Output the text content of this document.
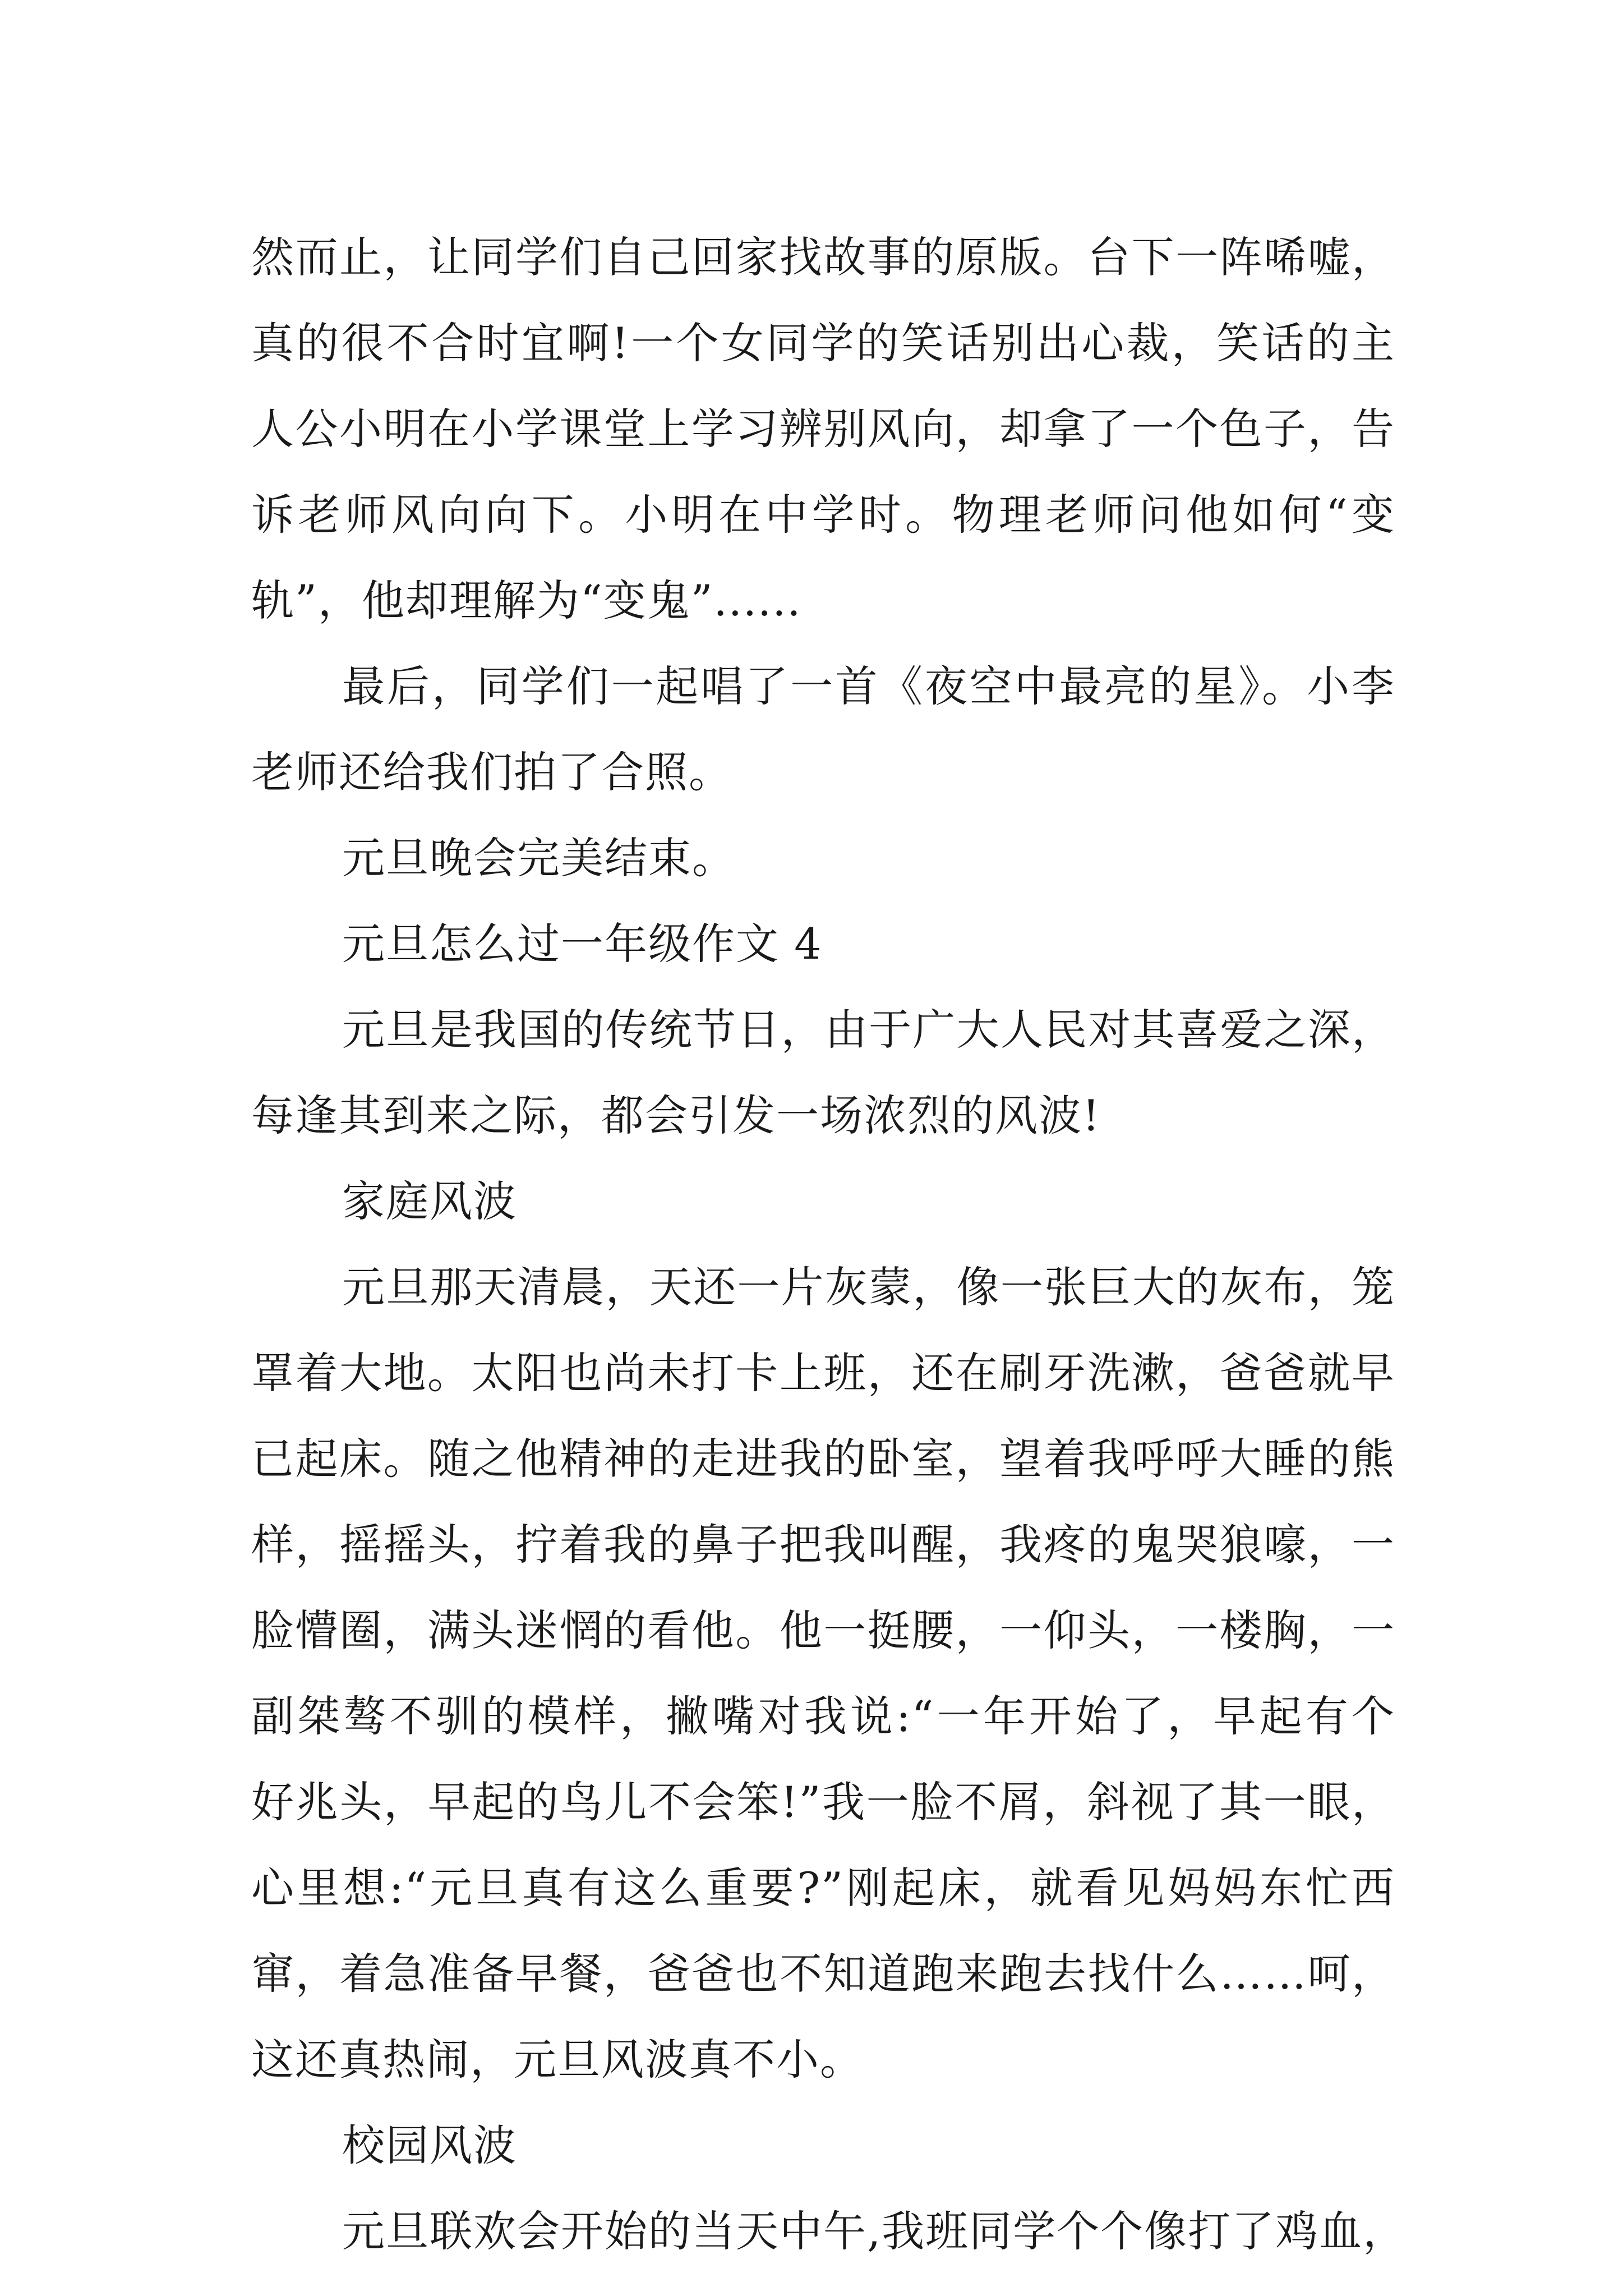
然而止，让同学们自己回家找故事的原版。台下一阵唏嘘，
真的很不合时宜啊!一个女同学的笑话别出心裁，笑话的主
人公小明在小学课堂上学习辨别风向，却拿了一个色子，告
诉老师风向向下。小明在中学时。物理老师问他如何“变
轨”，他却理解为“变鬼”......
最后，同学们一起唱了一首《夜空中最亮的星》。小李
老师还给我们拍了合照。
元旦晚会完美结束。
元旦怎么过一年级作文 4
元旦是我国的传统节日，由于广大人民对其喜爱之深，
每逢其到来之际，都会引发一场浓烈的风波!
家庭风波
元旦那天清晨，天还一片灰蒙，像一张巨大的灰布，笼
罩着大地。太阳也尚未打卡上班，还在刷牙洗漱，爸爸就早
已起床。随之他精神的走进我的卧室，望着我呼呼大睡的熊
样，摇摇头，拧着我的鼻子把我叫醒，我疼的鬼哭狼嚎，一
脸懵圈，满头迷惘的看他。他一挺腰，一仰头，一楼胸，一
副桀骜不驯的模样，撇嘴对我说:“一年开始了，早起有个
好兆头，早起的鸟儿不会笨!”我一脸不屑，斜视了其一眼，
心里想:“元旦真有这么重要?”刚起床，就看见妈妈东忙西
窜，着急准备早餐，爸爸也不知道跑来跑去找什么……呵，
这还真热闹，元旦风波真不小。
校园风波
元旦联欢会开始的当天中午,我班同学个个像打了鸡血，
